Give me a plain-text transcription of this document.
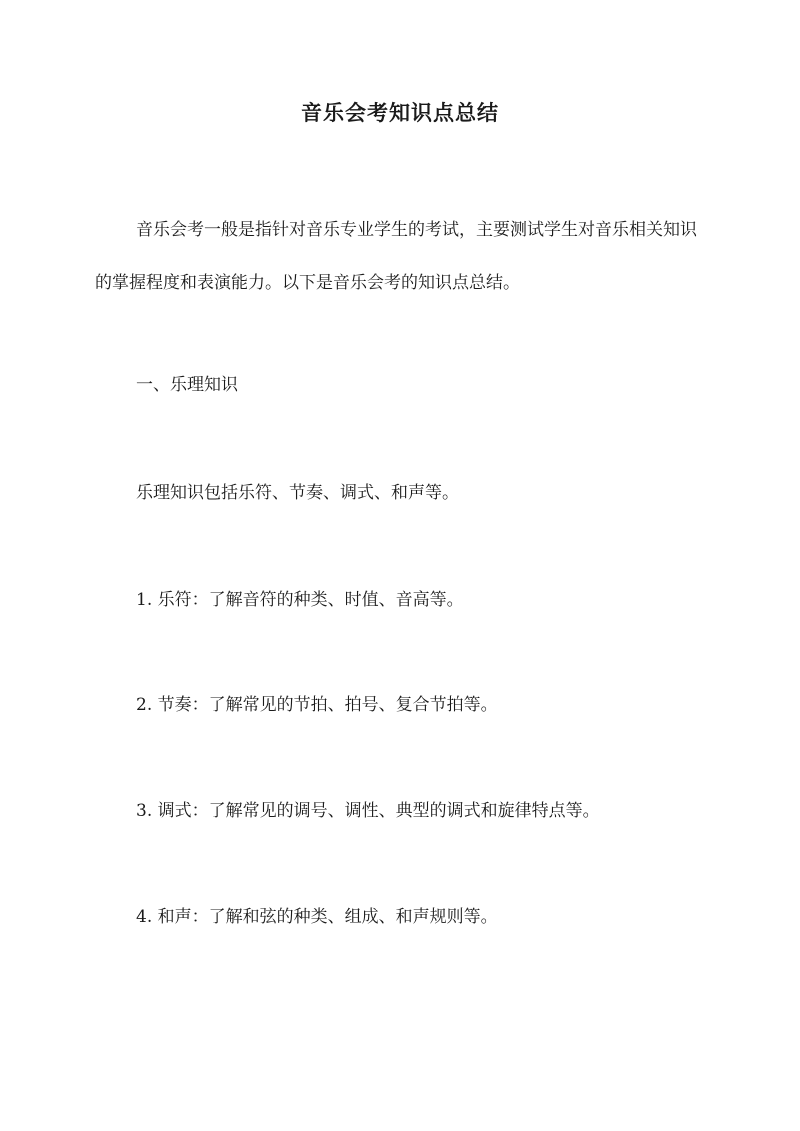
音乐会考知识点总结

音乐会考一般是指针对音乐专业学生的考试，主要测试学生对音乐相关知识的掌握程度和表演能力。以下是音乐会考的知识点总结。

一、乐理知识
乐理知识包括乐符、节奏、调式、和声等。
1. 乐符：了解音符的种类、时值、音高等。
2. 节奏：了解常见的节拍、拍号、复合节拍等。
3. 调式：了解常见的调号、调性、典型的调式和旋律特点等。
4. 和声：了解和弦的种类、组成、和声规则等。
